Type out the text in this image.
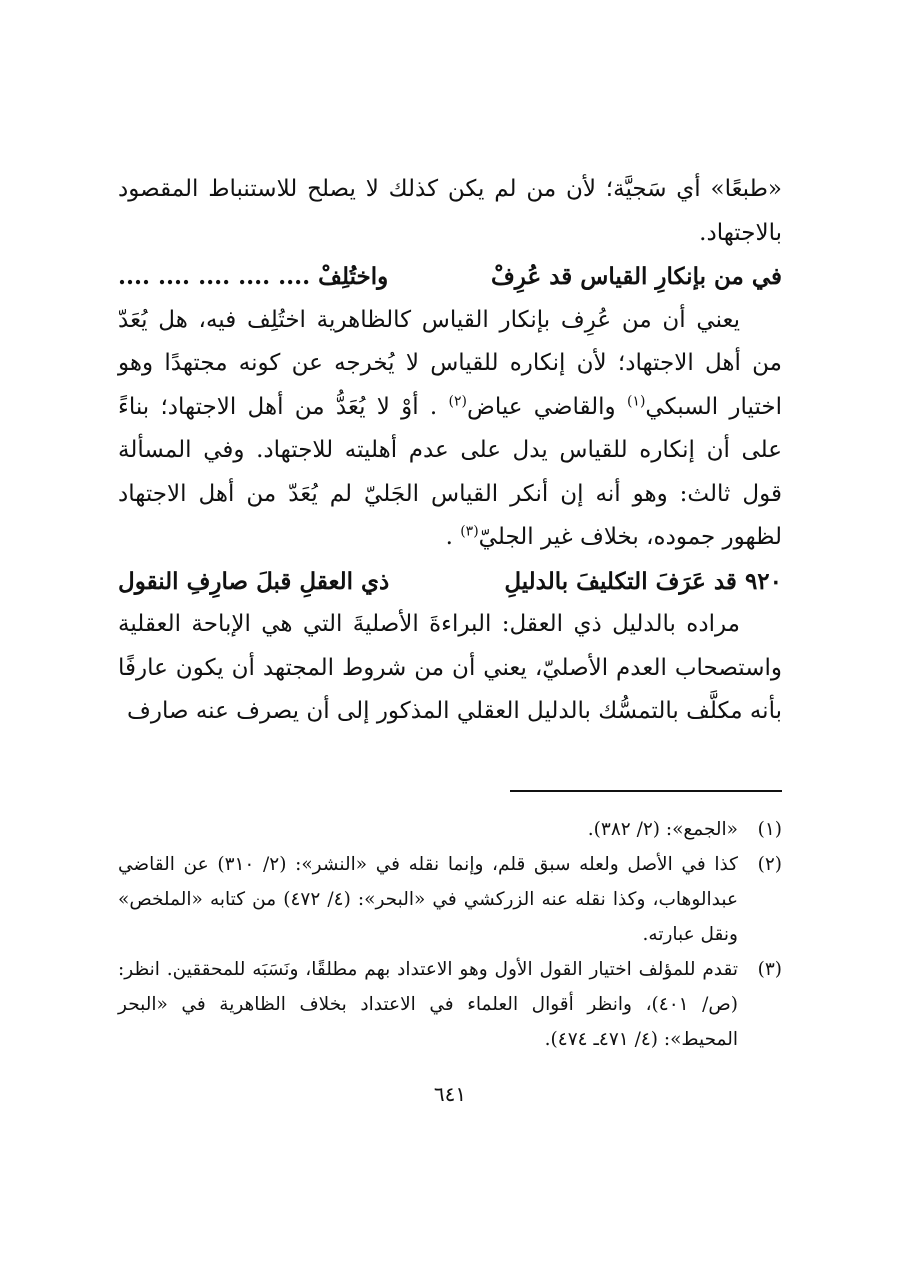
«طبعًا» أي سَجيَّة؛ لأن من لم يكن كذلك لا يصلح للاستنباط المقصود بالاجتهاد.

في من بإنكارِ القياس قد عُرِفْ
واختُلِفْ .... .... .... .... ....

يعني أن من عُرِف بإنكار القياس كالظاهرية اختُلِف فيه، هل يُعَدّ من أهل الاجتهاد؛ لأن إنكاره للقياس لا يُخرجه عن كونه مجتهدًا وهو اختيار السبكي$^{(١)}$ والقاضي عياض$^{(٢)}$ . أوْ لا يُعَدُّ من أهل الاجتهاد؛ بناءً على أن إنكاره للقياس يدل على عدم أهليته للاجتهاد. وفي المسألة قول ثالث: وهو أنه إن أنكر القياس الجَليّ لم يُعَدّ من أهل الاجتهاد لظهور جموده، بخلاف غير الجليّ$^{(٣)}$ .

٩٢٠ قد عَرَفَ التكليفَ بالدليلِ
ذي العقلِ قبلَ صارِفِ النقول

مراده بالدليل ذي العقل: البراءةَ الأصليةَ التي هي الإباحة العقلية واستصحاب العدم الأصليّ، يعني أن من شروط المجتهد أن يكون عارفًا بأنه مكلَّف بالتمسُّك بالدليل العقلي المذكور إلى أن يصرف عنه صارف

(١)
«الجمع»: (٢/ ٣٨٢).
(٢)
كذا في الأصل ولعله سبق قلم، وإنما نقله في «النشر»: (٢/ ٣١٠) عن القاضي عبدالوهاب، وكذا نقله عنه الزركشي في «البحر»: (٤/ ٤٧٢) من كتابه «الملخص» ونقل عبارته.
(٣)
تقدم للمؤلف اختيار القول الأول وهو الاعتداد بهم مطلقًا، ونَسَبَه للمحققين. انظر: (ص/ ٤٠١)، وانظر أقوال العلماء في الاعتداد بخلاف الظاهرية في «البحر المحيط»: (٤/ ٤٧١ـ ٤٧٤).
٦٤١
